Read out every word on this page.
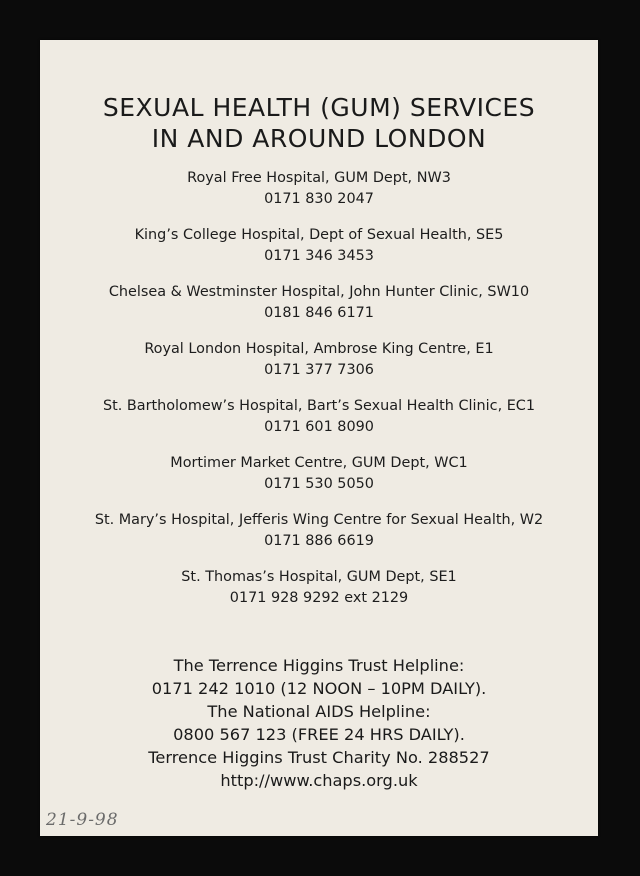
SEXUAL HEALTH (GUM) SERVICES
IN AND AROUND LONDON
Royal Free Hospital, GUM Dept, NW3
0171 830 2047
King’s College Hospital, Dept of Sexual Health, SE5
0171 346 3453
Chelsea & Westminster Hospital, John Hunter Clinic, SW10
0181 846 6171
Royal London Hospital, Ambrose King Centre, E1
0171 377 7306
St. Bartholomew’s Hospital, Bart’s Sexual Health Clinic, EC1
0171 601 8090
Mortimer Market Centre, GUM Dept, WC1
0171 530 5050
St. Mary’s Hospital, Jefferis Wing Centre for Sexual Health, W2
0171 886 6619
St. Thomas’s Hospital, GUM Dept, SE1
0171 928 9292 ext 2129
The Terrence Higgins Trust Helpline:
0171 242 1010 (12 NOON – 10PM DAILY).
The National AIDS Helpline:
0800 567 123 (FREE 24 HRS DAILY).
Terrence Higgins Trust Charity No. 288527
http://www.chaps.org.uk
21-9-98
